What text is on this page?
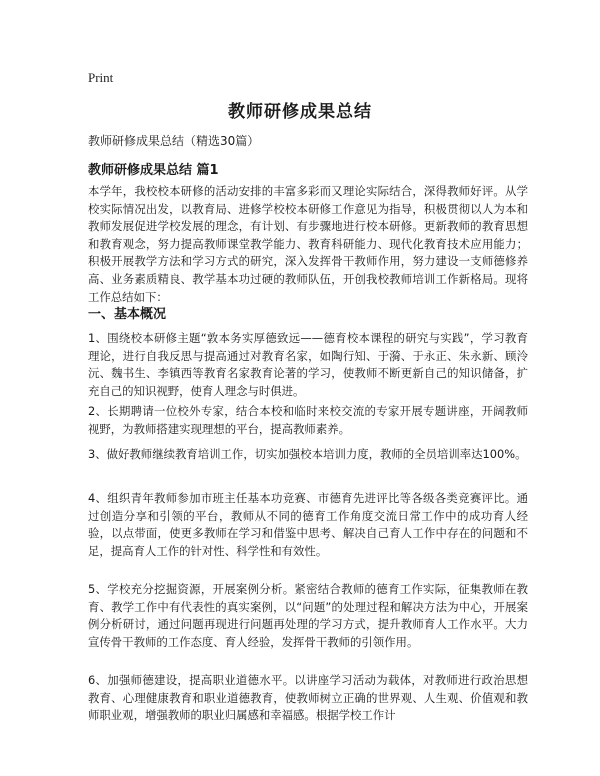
Print
教师研修成果总结
教师研修成果总结（精选30篇）
教师研修成果总结 篇1

本学年，我校校本研修的活动安排的丰富多彩而又理论实际结合，深得教师好评。从学校实际情况出发，以教育局、进修学校校本研修工作意见为指导，积极贯彻以人为本和教师发展促进学校发展的理念，有计划、有步骤地进行校本研修。更新教师的教育思想和教育观念，努力提高教师课堂教学能力、教育科研能力、现代化教育技术应用能力；积极开展教学方法和学习方式的研究，深入发挥骨干教师作用，努力建设一支师德修养高、业务素质精良、教学基本功过硬的教师队伍，开创我校教师培训工作新格局。现将工作总结如下：

一、基本概况

1、围绕校本研修主题“敦本务实厚德致远——德育校本课程的研究与实践”，学习教育理论，进行自我反思与提高通过对教育名家，如陶行知、于漪、于永正、朱永新、顾泠沅、魏书生、李镇西等教育名家教育论著的学习，使教师不断更新自己的知识储备，扩充自己的知识视野，使育人理念与时俱进。

2、长期聘请一位校外专家，结合本校和临时来校交流的专家开展专题讲座，开阔教师视野，为教师搭建实现理想的平台，提高教师素养。

3、做好教师继续教育培训工作，切实加强校本培训力度，教师的全员培训率达100%。

4、组织青年教师参加市班主任基本功竞赛、市德育先进评比等各级各类竞赛评比。通过创造分享和引领的平台，教师从不同的德育工作角度交流日常工作中的成功育人经验，以点带面，使更多教师在学习和借鉴中思考、解决自己育人工作中存在的问题和不足，提高育人工作的针对性、科学性和有效性。

5、学校充分挖掘资源，开展案例分析。紧密结合教师的德育工作实际，征集教师在教育、教学工作中有代表性的真实案例，以“问题”的处理过程和解决方法为中心，开展案例分析研讨，通过问题再现进行问题再处理的学习方式，提升教师育人工作水平。大力宣传骨干教师的工作态度、育人经验，发挥骨干教师的引领作用。

6、加强师德建设，提高职业道德水平。以讲座学习活动为载体，对教师进行政治思想教育、心理健康教育和职业道德教育，使教师树立正确的世界观、人生观、价值观和教师职业观，增强教师的职业归属感和幸福感。根据学校工作计
